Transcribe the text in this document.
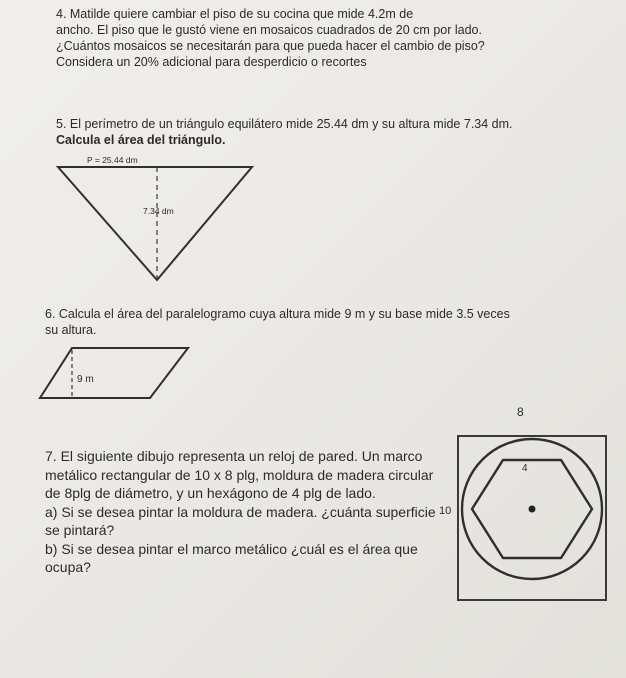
4. Matilde quiere cambiar el piso de su cocina que mide 4.2m de
ancho. El piso que le gustó viene en mosaicos cuadrados de 20 cm por lado.
¿Cuántos mosaicos se necesitarán para que pueda hacer el cambio de piso?
Considera un 20% adicional para desperdicio o recortes
5. El perímetro de un triángulo equilátero mide 25.44 dm y su altura mide 7.34 dm.
Calcula el área del triángulo.
P = 25.44 dm
7.34 dm
6. Calcula el área del paralelogramo cuya altura mide 9 m y su base mide 3.5 veces
su altura.
9 m
8
7. El siguiente dibujo representa un reloj de pared. Un marco
metálico rectangular de 10 x 8 plg, moldura de madera circular
de 8plg de diámetro, y un hexágono de 4 plg de lado.
a) Si se desea pintar la moldura de madera. ¿cuánta superficie
se pintará?
b) Si se desea pintar el marco metálico ¿cuál es el área que
ocupa?
4
10
